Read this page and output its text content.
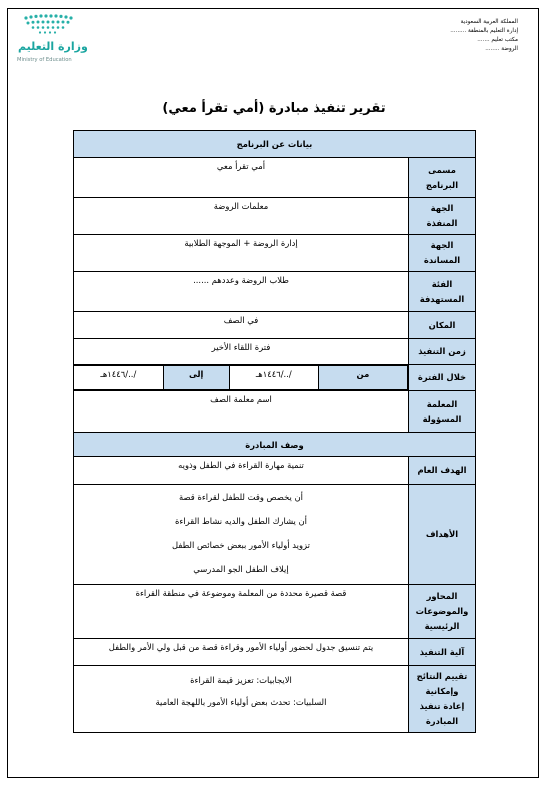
وزارة التعليم
Ministry of Education
المملكة العربية السعودية
إدارة التعليم بالمنطقة .........
مكتب تعليم .......
الروضة ........
تقرير تنفيذ مبادرة (أمي تقرأ معي)
بيانات عن البرنامج
مسمى البرنامج	أمي تقرأ معي
الجهة المنفذة	معلمات الروضة
الجهة المساندة	إدارة الروضة + الموجهة الطلابية
الفئة المستهدفة	طلاب الروضة وعددهم ......
المكان	في الصف
زمن التنفيذ	فترة اللقاء الأخير
خلال الفترة	
من	/../١٤٤٦هـ	إلى	/../١٤٤٦هـ

المعلمة المسؤولة	اسم معلمة الصف
وصف المبادرة
الهدف العام	تنمية مهارة القراءة في الطفل وذويه
الأهداف	
أن يخصص وقت للطفل لقراءة قصة
أن يشارك الطفل والديه نشاط القراءة
تزويد أولياء الأمور ببعض خصائص الطفل
إيلاف الطفل الجو المدرسي

المحاور والموضوعات الرئيسية	قصة قصيرة محددة من المعلمة وموضوعة في منطقة القراءة
آلية التنفيذ	يتم تنسيق جدول لحضور أولياء الأمور وقراءة قصة من قبل ولي الأمر والطفل
تقييم النتائج وإمكانية إعادة تنفيذ المبادرة	
الايجابيات: تعزيز قيمة القراءة
السلبيات: تحدث بعض أولياء الأمور باللهجة العامية
